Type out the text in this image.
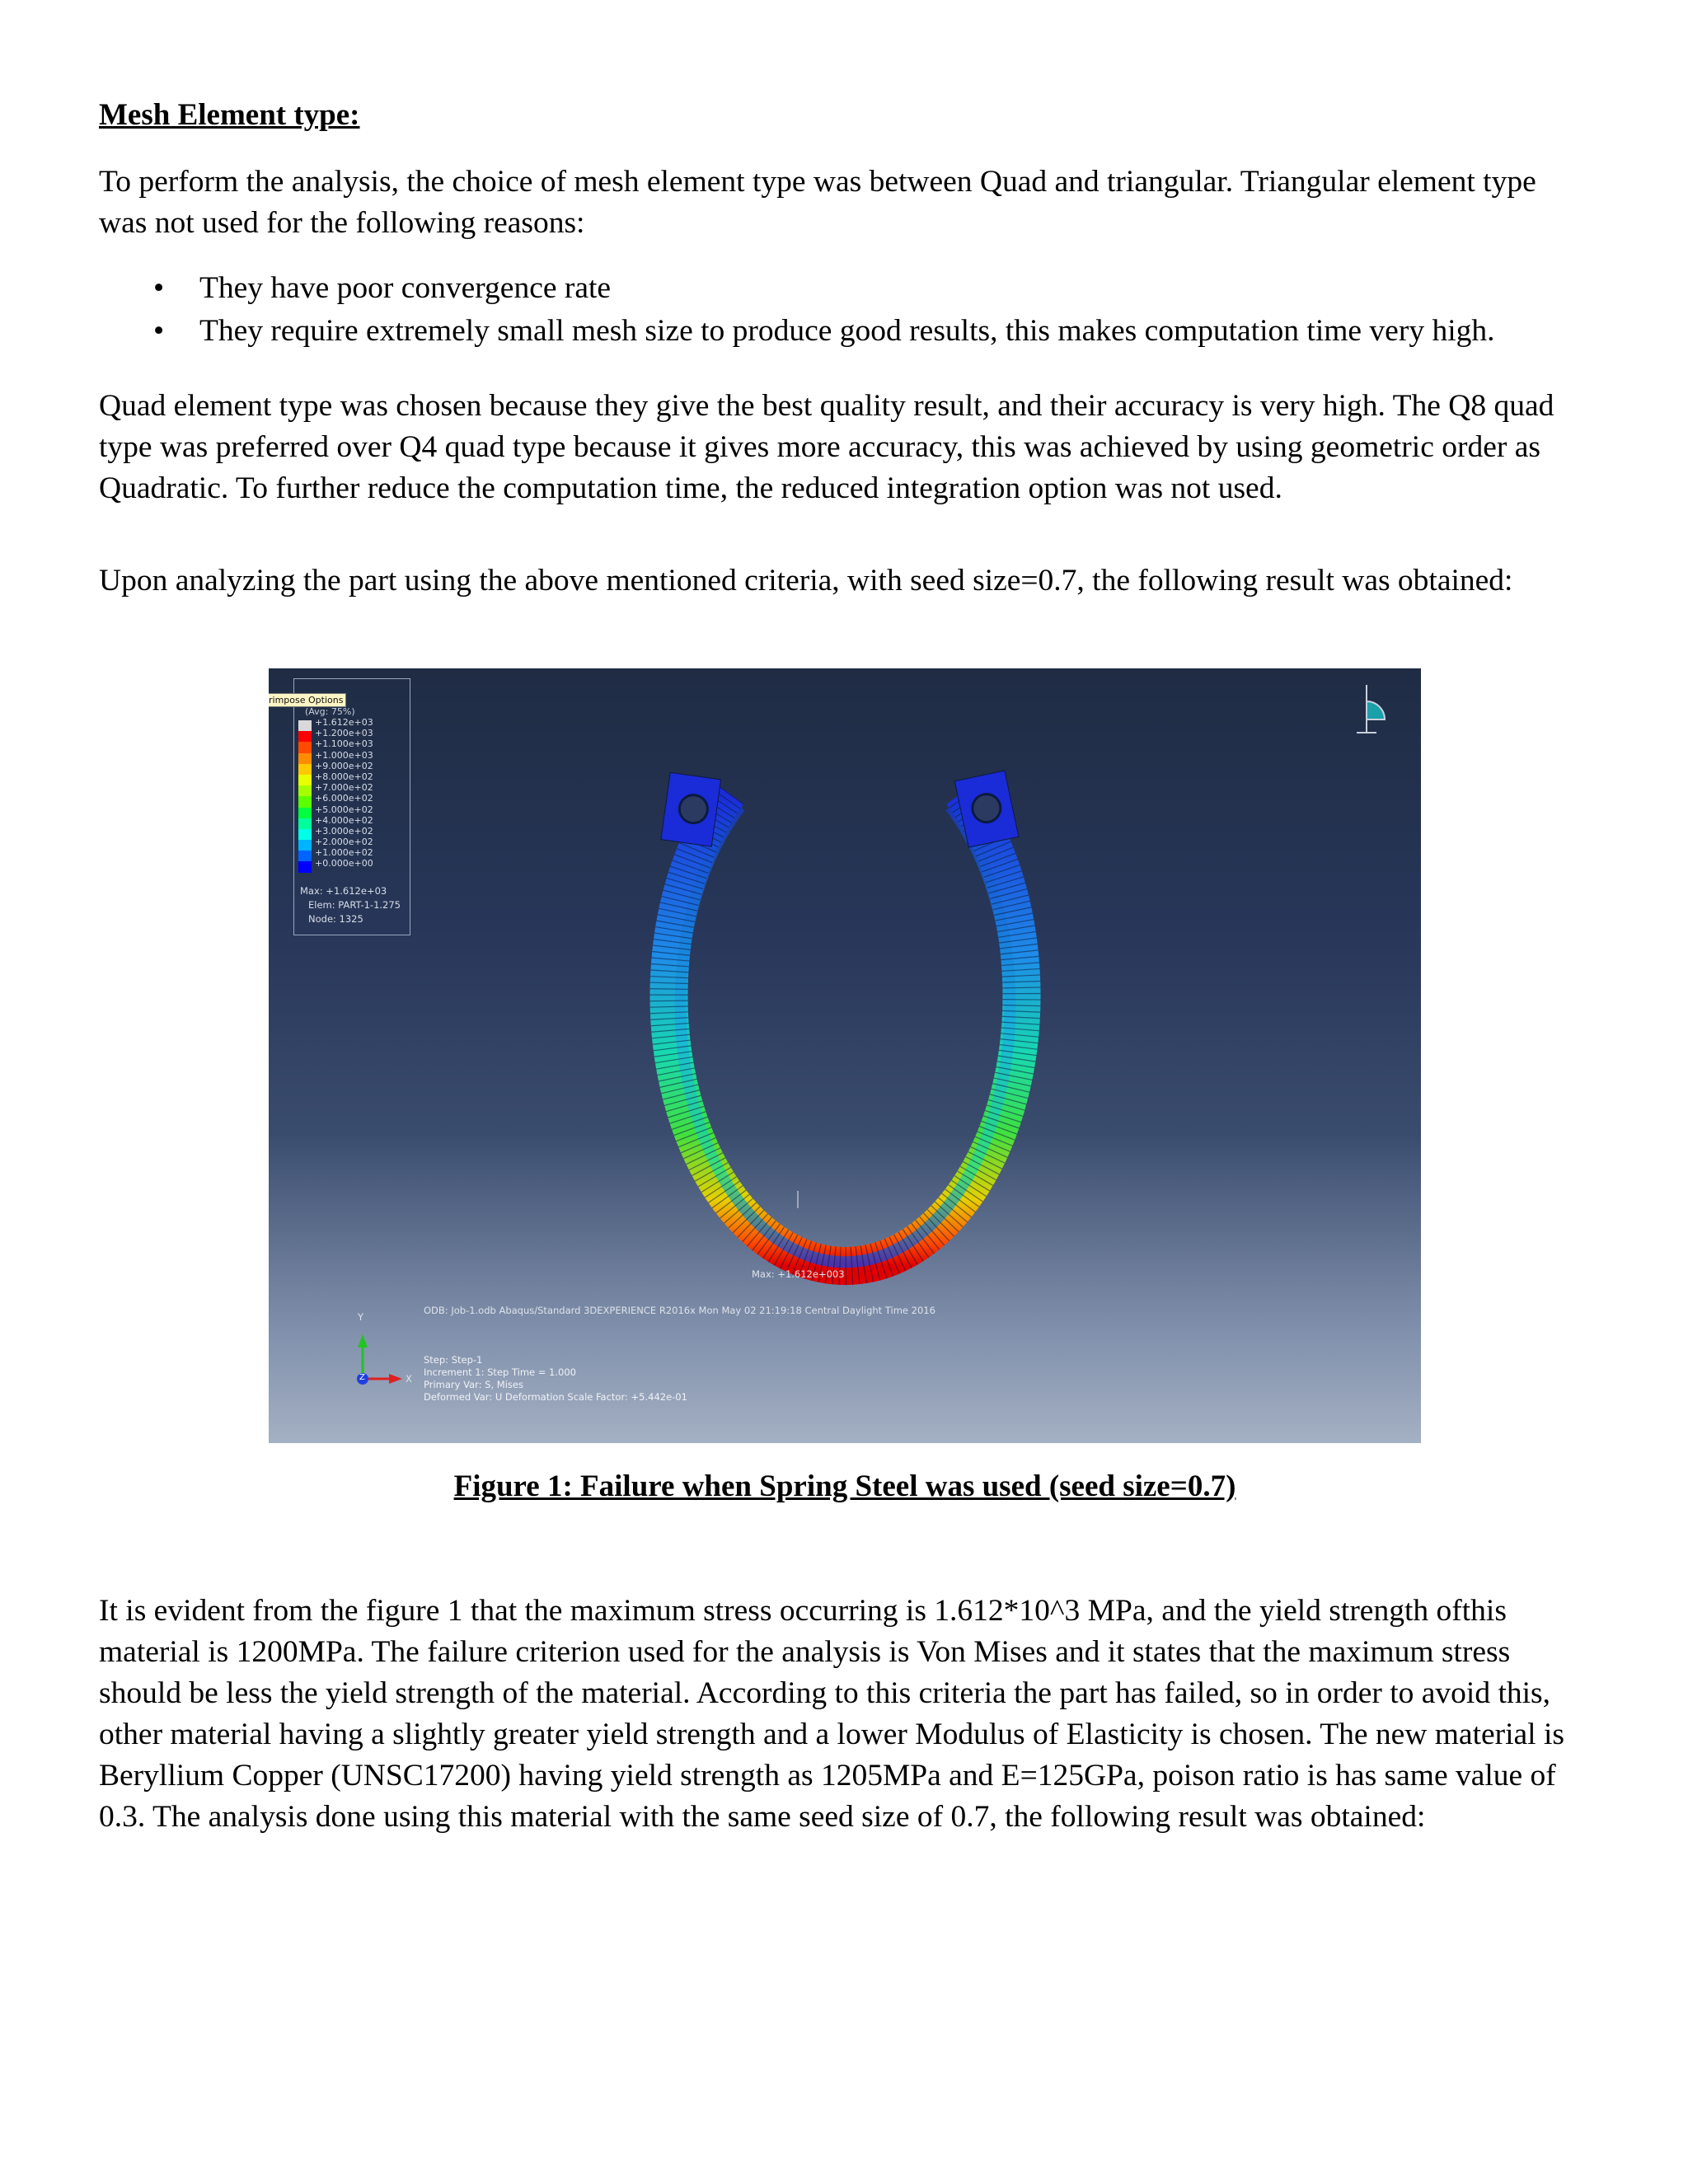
Mesh Element type:

To perform the analysis, the choice of mesh element type was between Quad and triangular. Triangular element type was not used for the following reasons:

• They have poor convergence rate
• They require extremely small mesh size to produce good results, this makes computation time very high.

Quad element type was chosen because they give the best quality result, and their accuracy is very high. The Q8 quad type was preferred over Q4 quad type because it gives more accuracy, this was achieved by using geometric order as Quadratic. To further reduce the computation time, the reduced integration option was not used.

Upon analyzing the part using the above mentioned criteria, with seed size=0.7, the following result was obtained:

Figure 1: Failure when Spring Steel was used (seed size=0.7)

It is evident from the figure 1 that the maximum stress occurring is 1.612*10^3 MPa, and the yield strength ofthis material is 1200MPa. The failure criterion used for the analysis is Von Mises and it states that the maximum stress should be less the yield strength of the material. According to this criteria the part has failed, so in order to avoid this, other material having a slightly greater yield strength and a lower Modulus of Elasticity is chosen. The new material is Beryllium Copper (UNSC17200) having yield strength as 1205MPa and E=125GPa, poison ratio is has same value of 0.3. The analysis done using this material with the same seed size of 0.7, the following result was obtained:

rimpose Options
(Avg: 75%)
+1.612e+03
+1.200e+03
+1.100e+03
+1.000e+03
+9.000e+02
+8.000e+02
+7.000e+02
+6.000e+02
+5.000e+02
+4.000e+02
+3.000e+02
+2.000e+02
+1.000e+02
+0.000e+00
Max: +1.612e+03
Elem: PART-1-1.275
Node: 1325
Max: +1.612e+003
ODB: Job-1.odb Abaqus/Standard 3DEXPERIENCE R2016x Mon May 02 21:19:18 Central Daylight Time 2016
Y
X
Z
Step: Step-1
Increment 1: Step Time = 1.000
Primary Var: S, Mises
Deformed Var: U Deformation Scale Factor: +5.442e-01
